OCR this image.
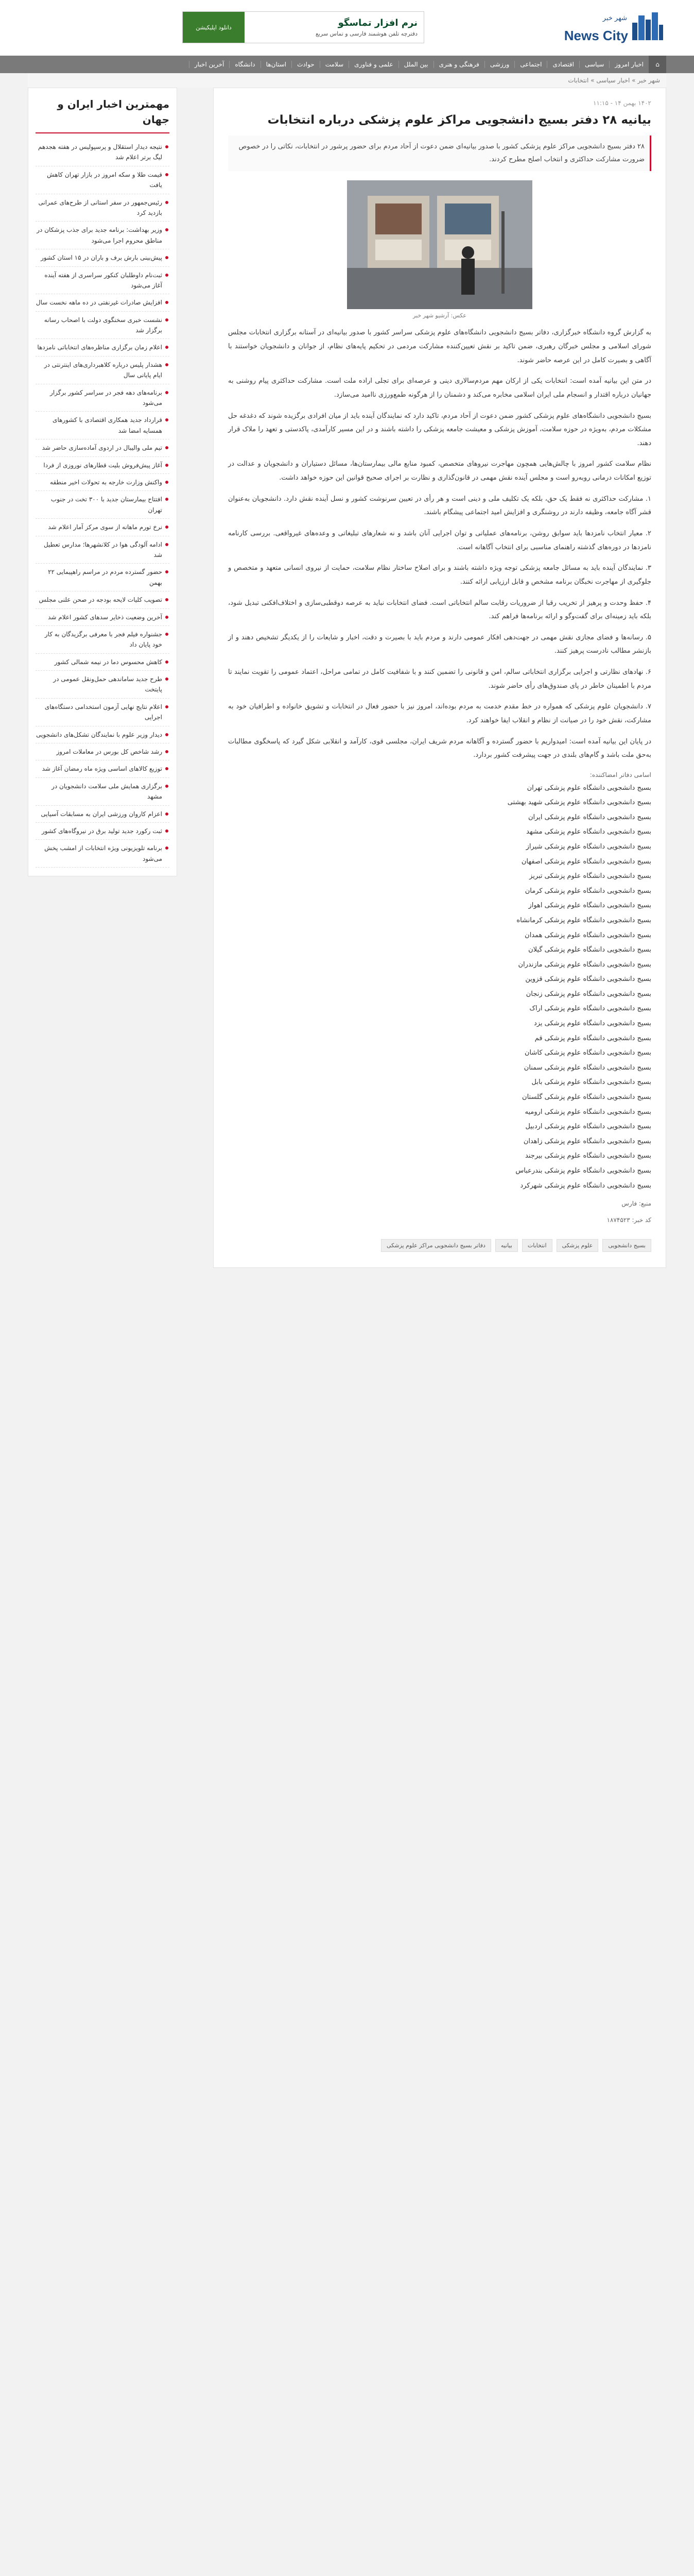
شهر خبر
News City
نرم افزار تماسگو
دفترچه تلفن هوشمند فارسی و تماس سریع
دانلود اپلیکیشن
⌂
اخبار امروز
سیاسی
اقتصادی
اجتماعی
ورزشی
فرهنگی و هنری
بین الملل
علمی و فناوری
سلامت
حوادث
استان‌ها
دانشگاه
آخرین اخبار
شهر خبر » اخبار سیاسی » انتخابات
۱۴۰۲ بهمن ۱۴ - ۱۱:۱۵
بیانیه ۲۸ دفتر بسیج دانشجویی مراکز علوم پزشکی درباره انتخابات
۲۸ دفتر بسیج دانشجویی مراکز علوم پزشکی کشور با صدور بیانیه‌ای ضمن دعوت از آحاد مردم برای حضور پرشور در انتخابات، نکاتی را در خصوص ضرورت مشارکت حداکثری و انتخاب اصلح مطرح کردند.
عکس: آرشیو شهر خبر

به گزارش گروه دانشگاه خبرگزاری، دفاتر بسیج دانشجویی دانشگاه‌های علوم پزشکی سراسر کشور با صدور بیانیه‌ای در آستانه برگزاری انتخابات مجلس شورای اسلامی و مجلس خبرگان رهبری، ضمن تاکید بر نقش تعیین‌کننده مشارکت مردمی در تحکیم پایه‌های نظام، از جوانان و دانشجویان خواستند با آگاهی و بصیرت کامل در این عرصه حاضر شوند.

در متن این بیانیه آمده است: انتخابات یکی از ارکان مهم مردم‌سالاری دینی و عرصه‌ای برای تجلی اراده ملت است. مشارکت حداکثری پیام روشنی به جهانیان درباره اقتدار و انسجام ملی ایران اسلامی مخابره می‌کند و دشمنان را از هرگونه طمع‌ورزی ناامید می‌سازد.

بسیج دانشجویی دانشگاه‌های علوم پزشکی کشور ضمن دعوت از آحاد مردم، تاکید دارد که نمایندگان آینده باید از میان افرادی برگزیده شوند که دغدغه حل مشکلات مردم، به‌ویژه در حوزه سلامت، آموزش پزشکی و معیشت جامعه پزشکی را داشته باشند و در این مسیر کارآمدی، پاکدستی و تعهد را ملاک قرار دهند.

نظام سلامت کشور امروز با چالش‌هایی همچون مهاجرت نیروهای متخصص، کمبود منابع مالی بیمارستان‌ها، مسائل دستیاران و دانشجویان و عدالت در توزیع امکانات درمانی روبه‌رو است و مجلس آینده نقش مهمی در قانون‌گذاری و نظارت بر اجرای صحیح قوانین این حوزه خواهد داشت.

۱. مشارکت حداکثری نه فقط یک حق، بلکه یک تکلیف ملی و دینی است و هر رأی در تعیین سرنوشت کشور و نسل آینده نقش دارد. دانشجویان به‌عنوان قشر آگاه جامعه، وظیفه دارند در روشنگری و افزایش امید اجتماعی پیشگام باشند.

۲. معیار انتخاب نامزدها باید سوابق روشن، برنامه‌های عملیاتی و توان اجرایی آنان باشد و نه شعارهای تبلیغاتی و وعده‌های غیرواقعی. بررسی کارنامه نامزدها در دوره‌های گذشته راهنمای مناسبی برای انتخاب آگاهانه است.

۳. نمایندگان آینده باید به مسائل جامعه پزشکی توجه ویژه داشته باشند و برای اصلاح ساختار نظام سلامت، حمایت از نیروی انسانی متعهد و متخصص و جلوگیری از مهاجرت نخبگان برنامه مشخص و قابل ارزیابی ارائه کنند.

۴. حفظ وحدت و پرهیز از تخریب رقبا از ضروریات رقابت سالم انتخاباتی است. فضای انتخابات نباید به عرصه دوقطبی‌سازی و اختلاف‌افکنی تبدیل شود، بلکه باید زمینه‌ای برای گفت‌وگو و ارائه برنامه‌ها فراهم کند.

۵. رسانه‌ها و فضای مجازی نقش مهمی در جهت‌دهی افکار عمومی دارند و مردم باید با بصیرت و دقت، اخبار و شایعات را از یکدیگر تشخیص دهند و از بازنشر مطالب نادرست پرهیز کنند.

۶. نهادهای نظارتی و اجرایی برگزاری انتخاباتی سالم، امن و قانونی را تضمین کنند و با شفافیت کامل در تمامی مراحل، اعتماد عمومی را تقویت نمایند تا مردم با اطمینان خاطر در پای صندوق‌های رأی حاضر شوند.

۷. دانشجویان علوم پزشکی که همواره در خط مقدم خدمت به مردم بوده‌اند، امروز نیز با حضور فعال در انتخابات و تشویق خانواده و اطرافیان خود به مشارکت، نقش خود را در صیانت از نظام و انقلاب ایفا خواهند کرد.

در پایان این بیانیه آمده است: امیدواریم با حضور گسترده و آگاهانه مردم شریف ایران، مجلسی قوی، کارآمد و انقلابی شکل گیرد که پاسخگوی مطالبات به‌حق ملت باشد و گام‌های بلندی در جهت پیشرفت کشور بردارد.

اسامی دفاتر امضاکننده:
بسیج دانشجویی دانشگاه علوم پزشکی تهران
بسیج دانشجویی دانشگاه علوم پزشکی شهید بهشتی
بسیج دانشجویی دانشگاه علوم پزشکی ایران
بسیج دانشجویی دانشگاه علوم پزشکی مشهد
بسیج دانشجویی دانشگاه علوم پزشکی شیراز
بسیج دانشجویی دانشگاه علوم پزشکی اصفهان
بسیج دانشجویی دانشگاه علوم پزشکی تبریز
بسیج دانشجویی دانشگاه علوم پزشکی کرمان
بسیج دانشجویی دانشگاه علوم پزشکی اهواز
بسیج دانشجویی دانشگاه علوم پزشکی کرمانشاه
بسیج دانشجویی دانشگاه علوم پزشکی همدان
بسیج دانشجویی دانشگاه علوم پزشکی گیلان
بسیج دانشجویی دانشگاه علوم پزشکی مازندران
بسیج دانشجویی دانشگاه علوم پزشکی قزوین
بسیج دانشجویی دانشگاه علوم پزشکی زنجان
بسیج دانشجویی دانشگاه علوم پزشکی اراک
بسیج دانشجویی دانشگاه علوم پزشکی یزد
بسیج دانشجویی دانشگاه علوم پزشکی قم
بسیج دانشجویی دانشگاه علوم پزشکی کاشان
بسیج دانشجویی دانشگاه علوم پزشکی سمنان
بسیج دانشجویی دانشگاه علوم پزشکی بابل
بسیج دانشجویی دانشگاه علوم پزشکی گلستان
بسیج دانشجویی دانشگاه علوم پزشکی ارومیه
بسیج دانشجویی دانشگاه علوم پزشکی اردبیل
بسیج دانشجویی دانشگاه علوم پزشکی زاهدان
بسیج دانشجویی دانشگاه علوم پزشکی بیرجند
بسیج دانشجویی دانشگاه علوم پزشکی بندرعباس
بسیج دانشجویی دانشگاه علوم پزشکی شهرکرد
منبع: فارس
کد خبر: ۱۸۷۴۵۲۳
بسیج دانشجویی
علوم پزشکی
انتخابات
بیانیه
دفاتر بسیج دانشجویی مراکز علوم پزشکی
مهمترین اخبار ایران و جهان
نتیجه دیدار استقلال و پرسپولیس در هفته هجدهم لیگ برتر اعلام شد
قیمت طلا و سکه امروز در بازار تهران کاهش یافت
رئیس‌جمهور در سفر استانی از طرح‌های عمرانی بازدید کرد
وزیر بهداشت: برنامه جدید برای جذب پزشکان در مناطق محروم اجرا می‌شود
پیش‌بینی بارش برف و باران در ۱۵ استان کشور
ثبت‌نام داوطلبان کنکور سراسری از هفته آینده آغاز می‌شود
افزایش صادرات غیرنفتی در ده ماهه نخست سال
نشست خبری سخنگوی دولت با اصحاب رسانه برگزار شد
اعلام زمان برگزاری مناظره‌های انتخاباتی نامزدها
هشدار پلیس درباره کلاهبرداری‌های اینترنتی در ایام پایانی سال
برنامه‌های دهه فجر در سراسر کشور برگزار می‌شود
قرارداد جدید همکاری اقتصادی با کشورهای همسایه امضا شد
تیم ملی والیبال در اردوی آماده‌سازی حاضر شد
آغاز پیش‌فروش بلیت قطارهای نوروزی از فردا
واکنش وزارت خارجه به تحولات اخیر منطقه
افتتاح بیمارستان جدید با ۳۰۰ تخت در جنوب تهران
نرخ تورم ماهانه از سوی مرکز آمار اعلام شد
ادامه آلودگی هوا در کلانشهرها؛ مدارس تعطیل شد
حضور گسترده مردم در مراسم راهپیمایی ۲۲ بهمن
تصویب کلیات لایحه بودجه در صحن علنی مجلس
آخرین وضعیت ذخایر سدهای کشور اعلام شد
جشنواره فیلم فجر با معرفی برگزیدگان به کار خود پایان داد
کاهش محسوس دما در نیمه شمالی کشور
طرح جدید ساماندهی حمل‌ونقل عمومی در پایتخت
اعلام نتایج نهایی آزمون استخدامی دستگاه‌های اجرایی
دیدار وزیر علوم با نمایندگان تشکل‌های دانشجویی
رشد شاخص کل بورس در معاملات امروز
توزیع کالاهای اساسی ویژه ماه رمضان آغاز شد
برگزاری همایش ملی سلامت دانشجویان در مشهد
اعزام کاروان ورزشی ایران به مسابقات آسیایی
ثبت رکورد جدید تولید برق در نیروگاه‌های کشور
برنامه تلویزیونی ویژه انتخابات از امشب پخش می‌شود
